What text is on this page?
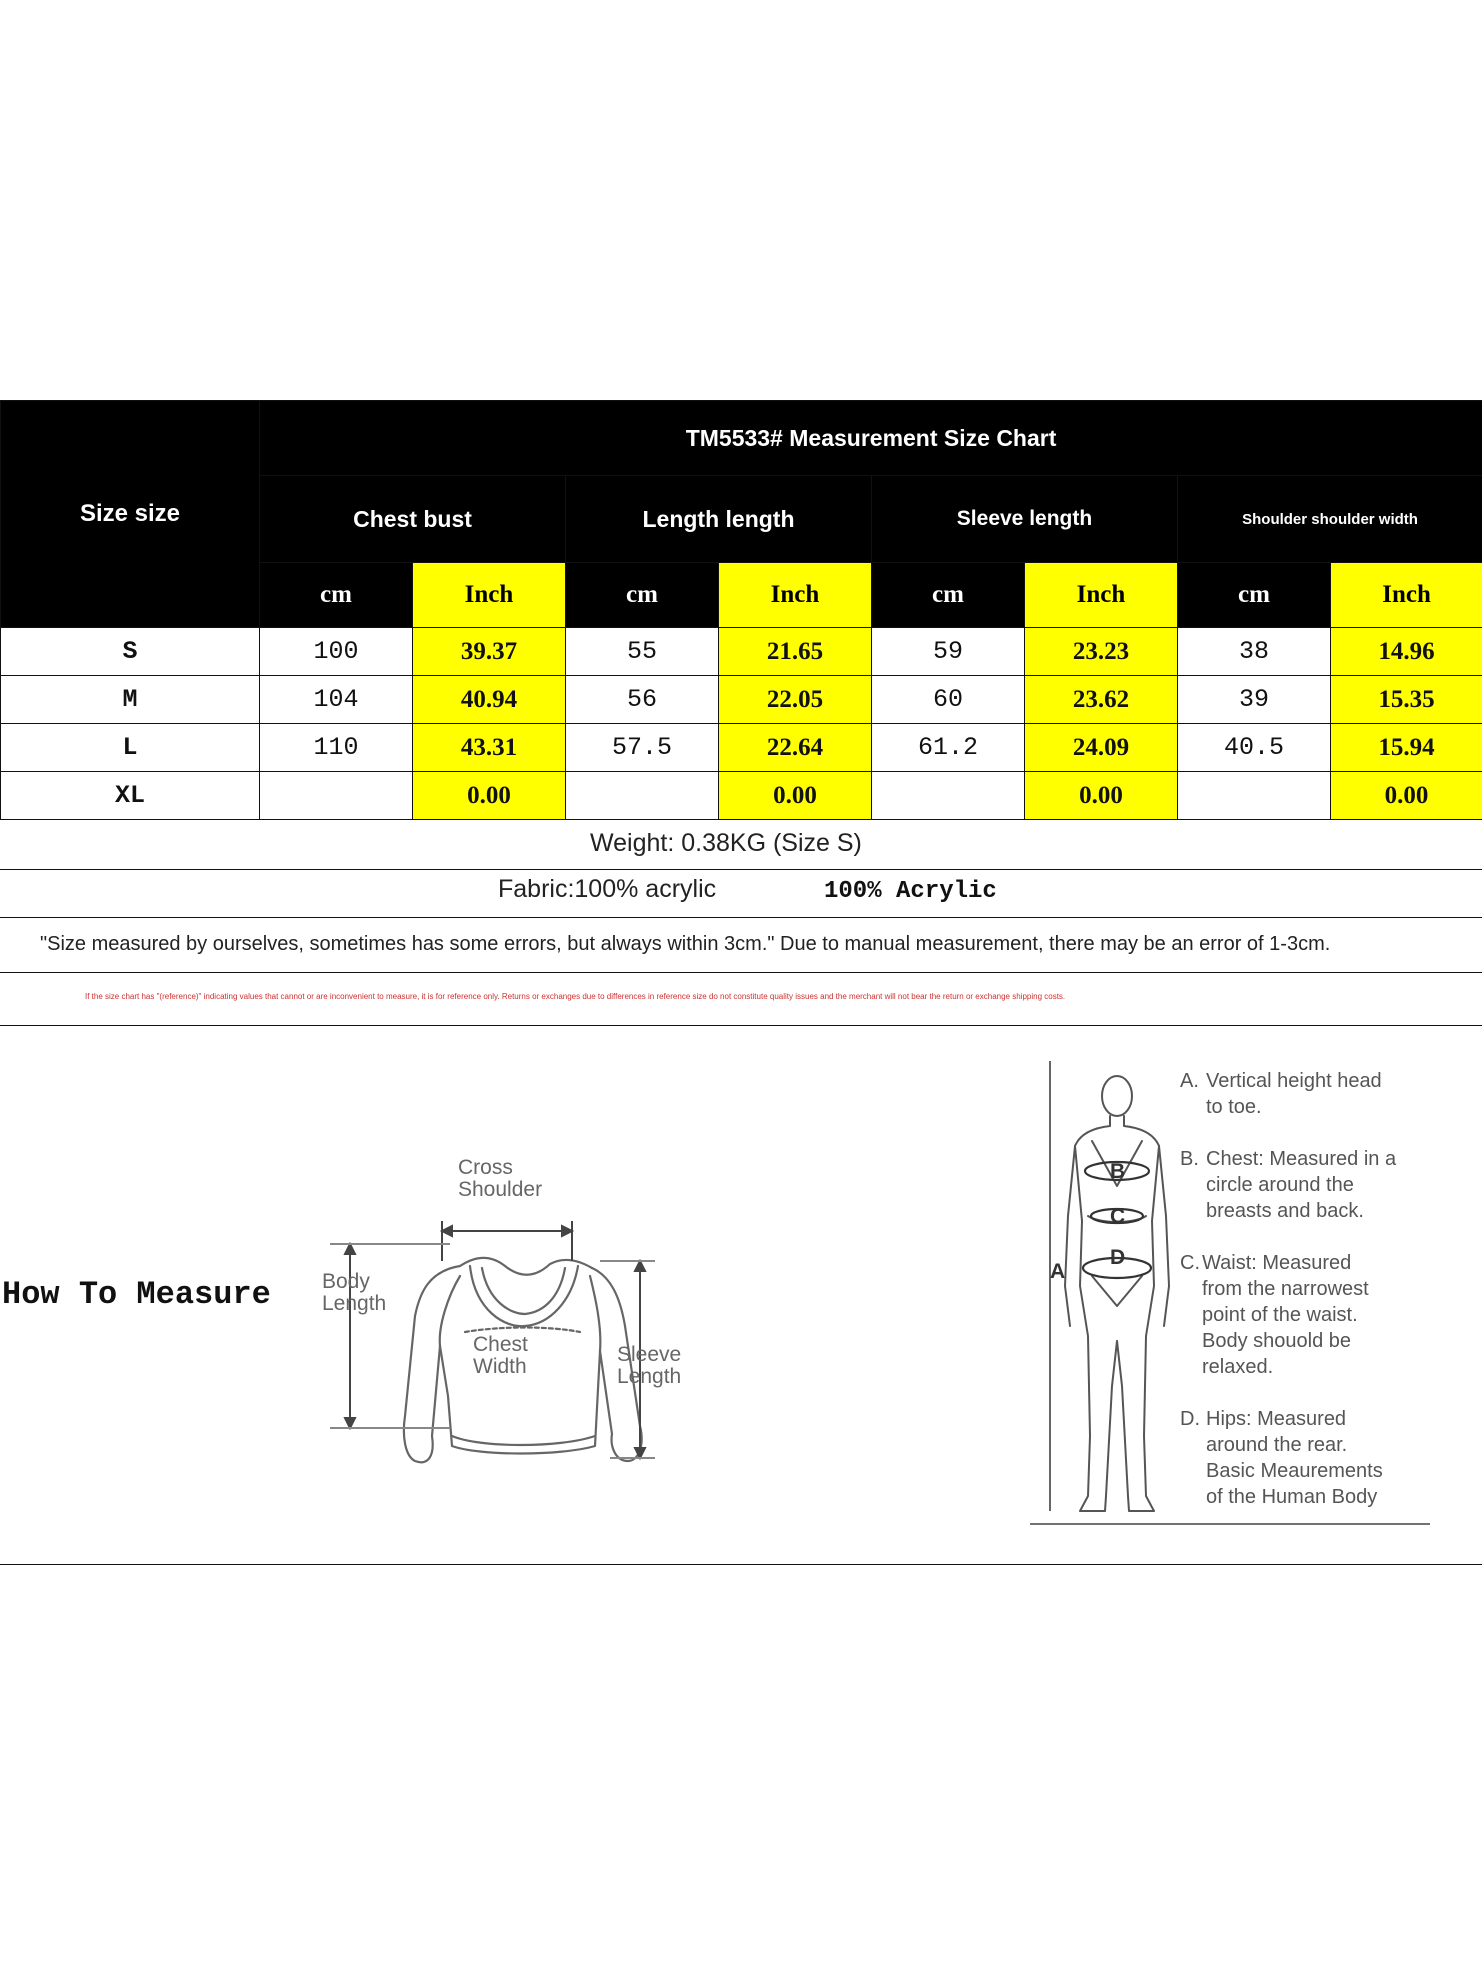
Size size	TM5533# Measurement Size Chart							
	Chest bust		Length length		Sleeve length		Shoulder shoulder width	
	cm	Inch	cm	Inch	cm	Inch	cm	Inch
S	100	39.37	55	21.65	59	23.23	38	14.96
M	104	40.94	56	22.05	60	23.62	39	15.35
L	110	43.31	57.5	22.64	61.2	24.09	40.5	15.94
XL		0.00		0.00		0.00		0.00
Weight: 0.38KG (Size S)
Fabric:100% acrylic	100% Acrylic
"Size measured by ourselves, sometimes has some errors, but always within 3cm." Due to manual measurement, there may be an error of 1-3cm.
If the size chart has "(reference)" indicating values that cannot or are inconvenient to measure, it is for reference only. Returns or exchanges due to differences in reference size do not constitute quality issues and the merchant will not bear the return or exchange shipping costs.
How To Measure
Cross
Shoulder
Body
Length
Chest
Width
Sleeve
Length
B
C
D
A
A. Vertical height head
to toe.
B. Chest: Measured in a
circle around the
breasts and back.
C. Waist: Measured
from the narrowest
point of the waist.
Body shouold be
relaxed.
D. Hips: Measured
around the rear.
Basic Meaurements
of the Human Body
